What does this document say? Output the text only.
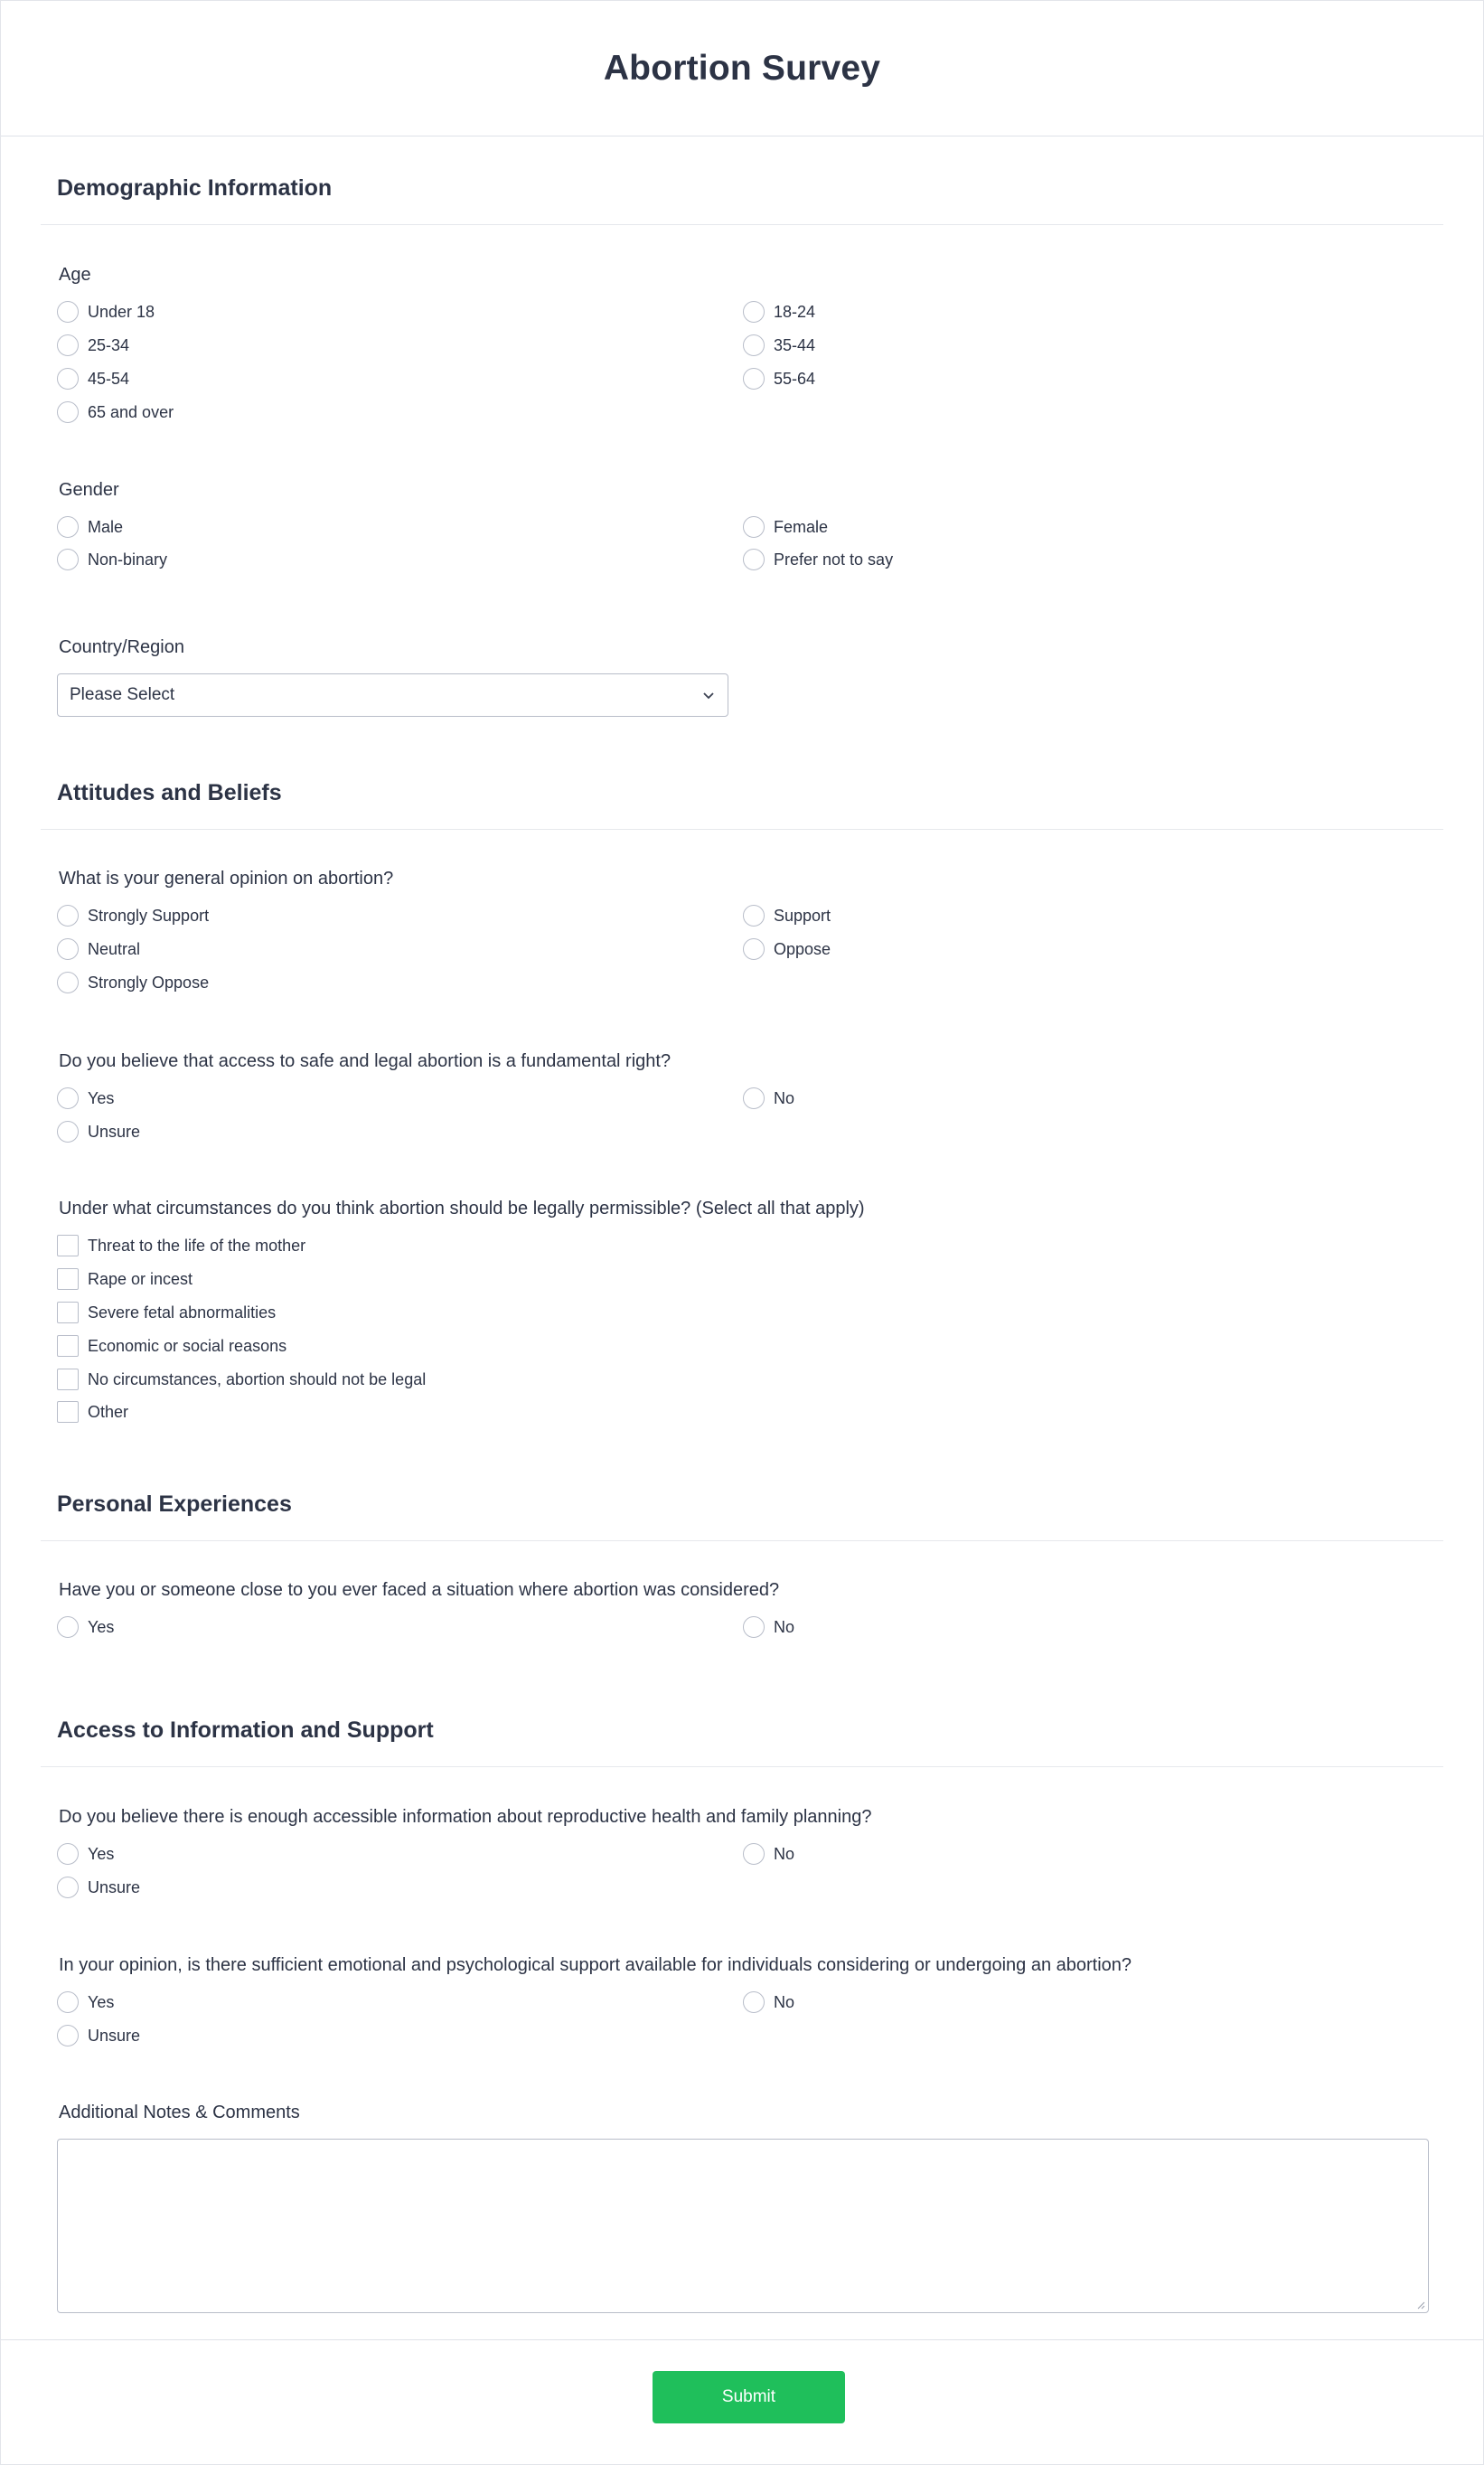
Abortion Survey
Demographic Information
Age
Under 18	18-24
25-34	35-44
45-54	55-64
65 and over
Gender
Male	Female
Non-binary	Prefer not to say
Country/Region
Please Select
Attitudes and Beliefs
What is your general opinion on abortion?
Strongly Support	Support
Neutral	Oppose
Strongly Oppose
Do you believe that access to safe and legal abortion is a fundamental right?
Yes	No
Unsure
Under what circumstances do you think abortion should be legally permissible? (Select all that apply)
Threat to the life of the mother
Rape or incest
Severe fetal abnormalities
Economic or social reasons
No circumstances, abortion should not be legal
Other
Personal Experiences
Have you or someone close to you ever faced a situation where abortion was considered?
Yes	No
Access to Information and Support
Do you believe there is enough accessible information about reproductive health and family planning?
Yes	No
Unsure
In your opinion, is there sufficient emotional and psychological support available for individuals considering or undergoing an abortion?
Yes	No
Unsure
Additional Notes & Comments
Submit
